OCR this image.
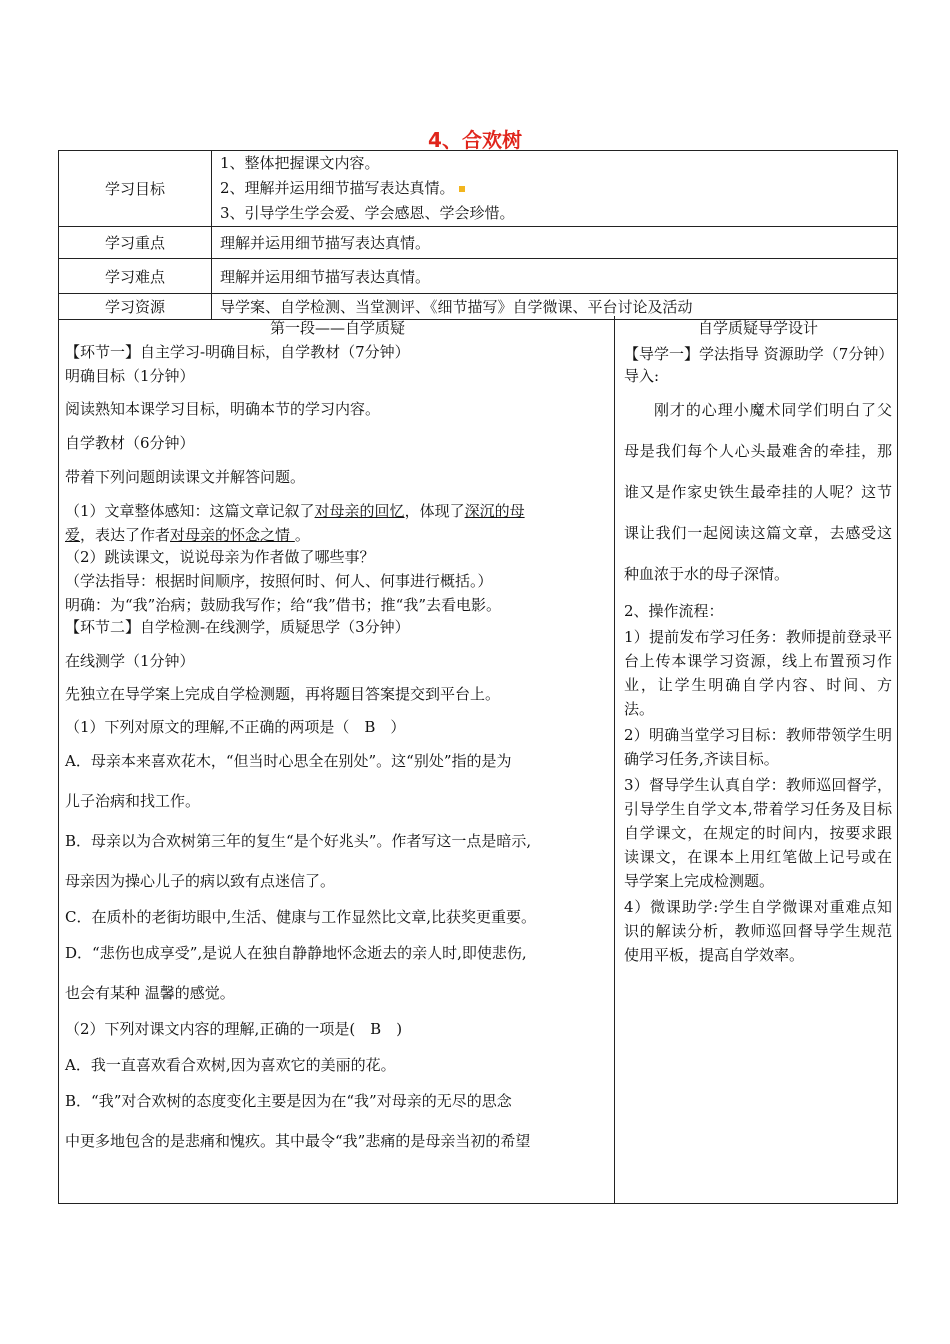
4、合欢树
学习目标	1、整体把握课文内容。
2、理解并运用细节描写表达真情。
3、引导学生学会爱、学会感恩、学会珍惜。

学习重点	理解并运用细节描写表达真情。
学习难点	理解并运用细节描写表达真情。
学习资源	导学案、自学检测、当堂测评、《细节描写》自学微课、平台讨论及活动

第一段——自学质疑

【环节一】自主学习-明确目标，自学教材（7分钟）

明确目标（1分钟）

阅读熟知本课学习目标，明确本节的学习内容。

自学教材（6分钟）

带着下列问题朗读课文并解答问题。

（1）文章整体感知：这篇文章记叙了对母亲的回忆，体现了深沉的母
爱，表达了作者对母亲的怀念之情 。

（2）跳读课文，说说母亲为作者做了哪些事？

（学法指导：根据时间顺序，按照何时、何人、何事进行概括。）

明确：为“我”治病；鼓励我写作；给“我”借书；推“我”去看电影。

【环节二】自学检测-在线测学，质疑思学（3分钟）

在线测学（1分钟）

先独立在导学案上完成自学检测题，再将题目答案提交到平台上。

（1）下列对原文的理解,不正确的两项是（　B　）

A．母亲本来喜欢花木，“但当时心思全在别处”。这“别处”指的是为

儿子治病和找工作。

B．母亲以为合欢树第三年的复生“是个好兆头”。作者写这一点是暗示,

母亲因为操心儿子的病以致有点迷信了。

C．在质朴的老街坊眼中,生活、健康与工作显然比文章,比获奖更重要。

D．“悲伤也成享受”,是说人在独自静静地怀念逝去的亲人时,即使悲伤,

也会有某种 温馨的感觉。

（2）下列对课文内容的理解,正确的一项是(　B　)

A．我一直喜欢看合欢树,因为喜欢它的美丽的花。

B．“我”对合欢树的态度变化主要是因为在“我”对母亲的无尽的思念

中更多地包含的是悲痛和愧疚。其中最令“我”悲痛的是母亲当初的希望

自学质疑导学设计

【导学一】学法指导 资源助学（7分钟）

导入:

刚才的心理小魔术同学们明白了父母是我们每个人心头最难舍的牵挂，那谁又是作家史铁生最牵挂的人呢？这节课让我们一起阅读这篇文章，去感受这种血浓于水的母子深情。

2、操作流程：

1）提前发布学习任务：教师提前登录平台上传本课学习资源，线上布置预习作业，让学生明确自学内容、时间、方法。

2）明确当堂学习目标：教师带领学生明确学习任务,齐读目标。

3）督导学生认真自学：教师巡回督学，引导学生自学文本,带着学习任务及目标自学课文，在规定的时间内，按要求跟读课文，在课本上用红笔做上记号或在导学案上完成检测题。

4）微课助学:学生自学微课对重难点知识的解读分析，教师巡回督导学生规范使用平板，提高自学效率。
